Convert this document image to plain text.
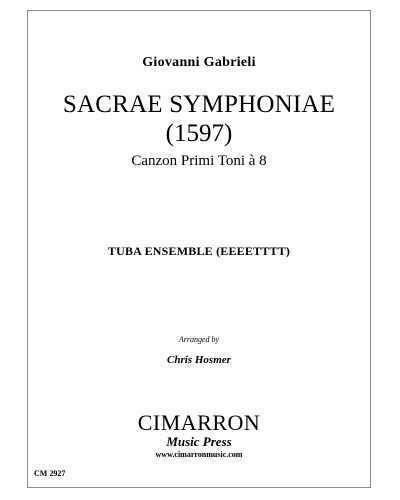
Giovanni Gabrieli
SACRAE SYMPHONIAE
(1597)
Canzon Primi Toni à 8
TUBA ENSEMBLE (EEEETTTT)
Arranged by
Chris Hosmer
CIMARRON
Music Press
www.cimarronmusic.com
CM 2927
